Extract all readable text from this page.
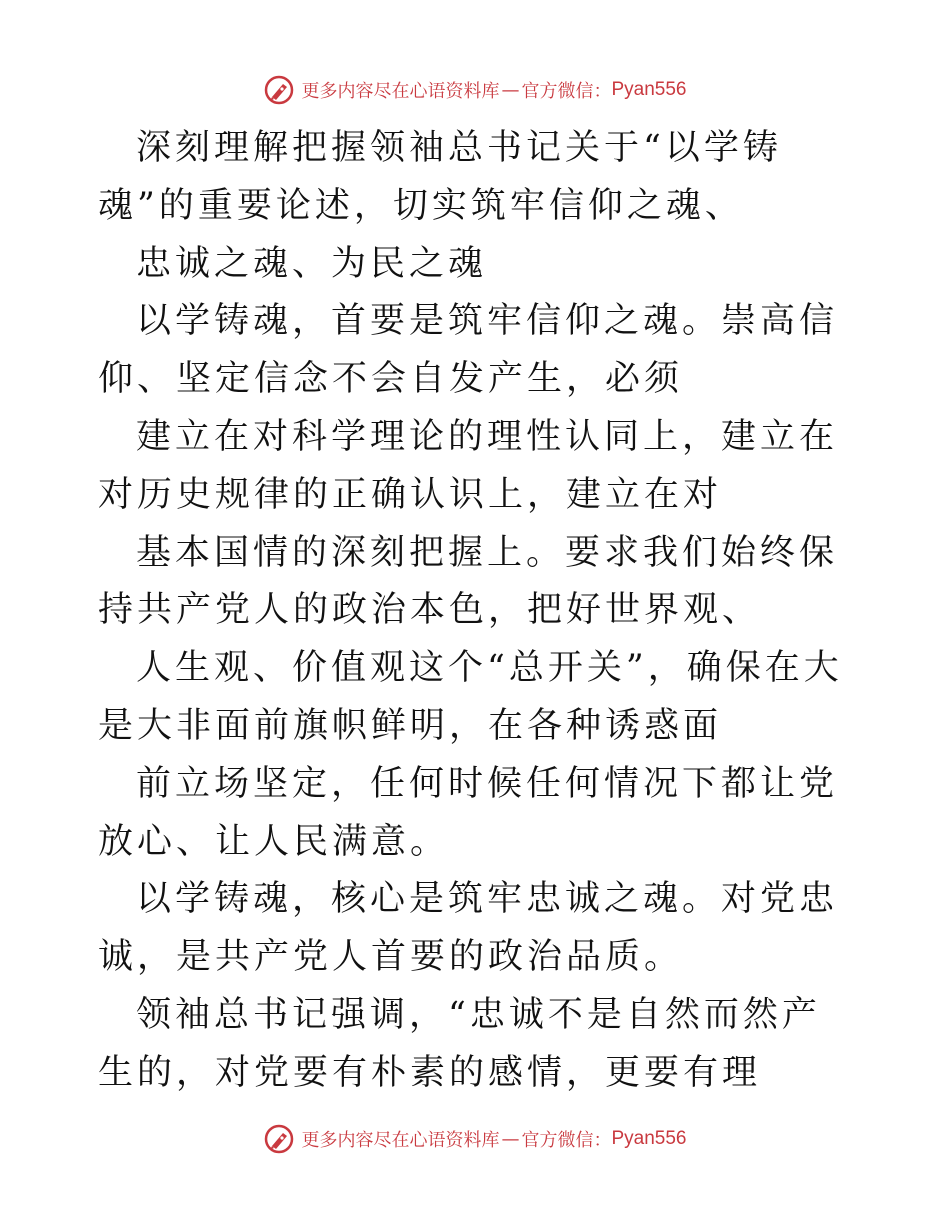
更多内容尽在心语资料库 — 官方微信： Pyan556

深刻理解把握领袖总书记关于“以学铸魂”的重要论述，切实筑牢信仰之魂、

忠诚之魂、为民之魂

以学铸魂，首要是筑牢信仰之魂。崇高信仰、坚定信念不会自发产生，必须

建立在对科学理论的理性认同上，建立在对历史规律的正确认识上，建立在对

基本国情的深刻把握上。要求我们始终保持共产党人的政治本色，把好世界观、

人生观、价值观这个“总开关”，确保在大是大非面前旗帜鲜明，在各种诱惑面

前立场坚定，任何时候任何情况下都让党放心、让人民满意。

以学铸魂，核心是筑牢忠诚之魂。对党忠诚，是共产党人首要的政治品质。

领袖总书记强调，“忠诚不是自然而然产生的，对党要有朴素的感情，更要有理

更多内容尽在心语资料库 — 官方微信： Pyan556
